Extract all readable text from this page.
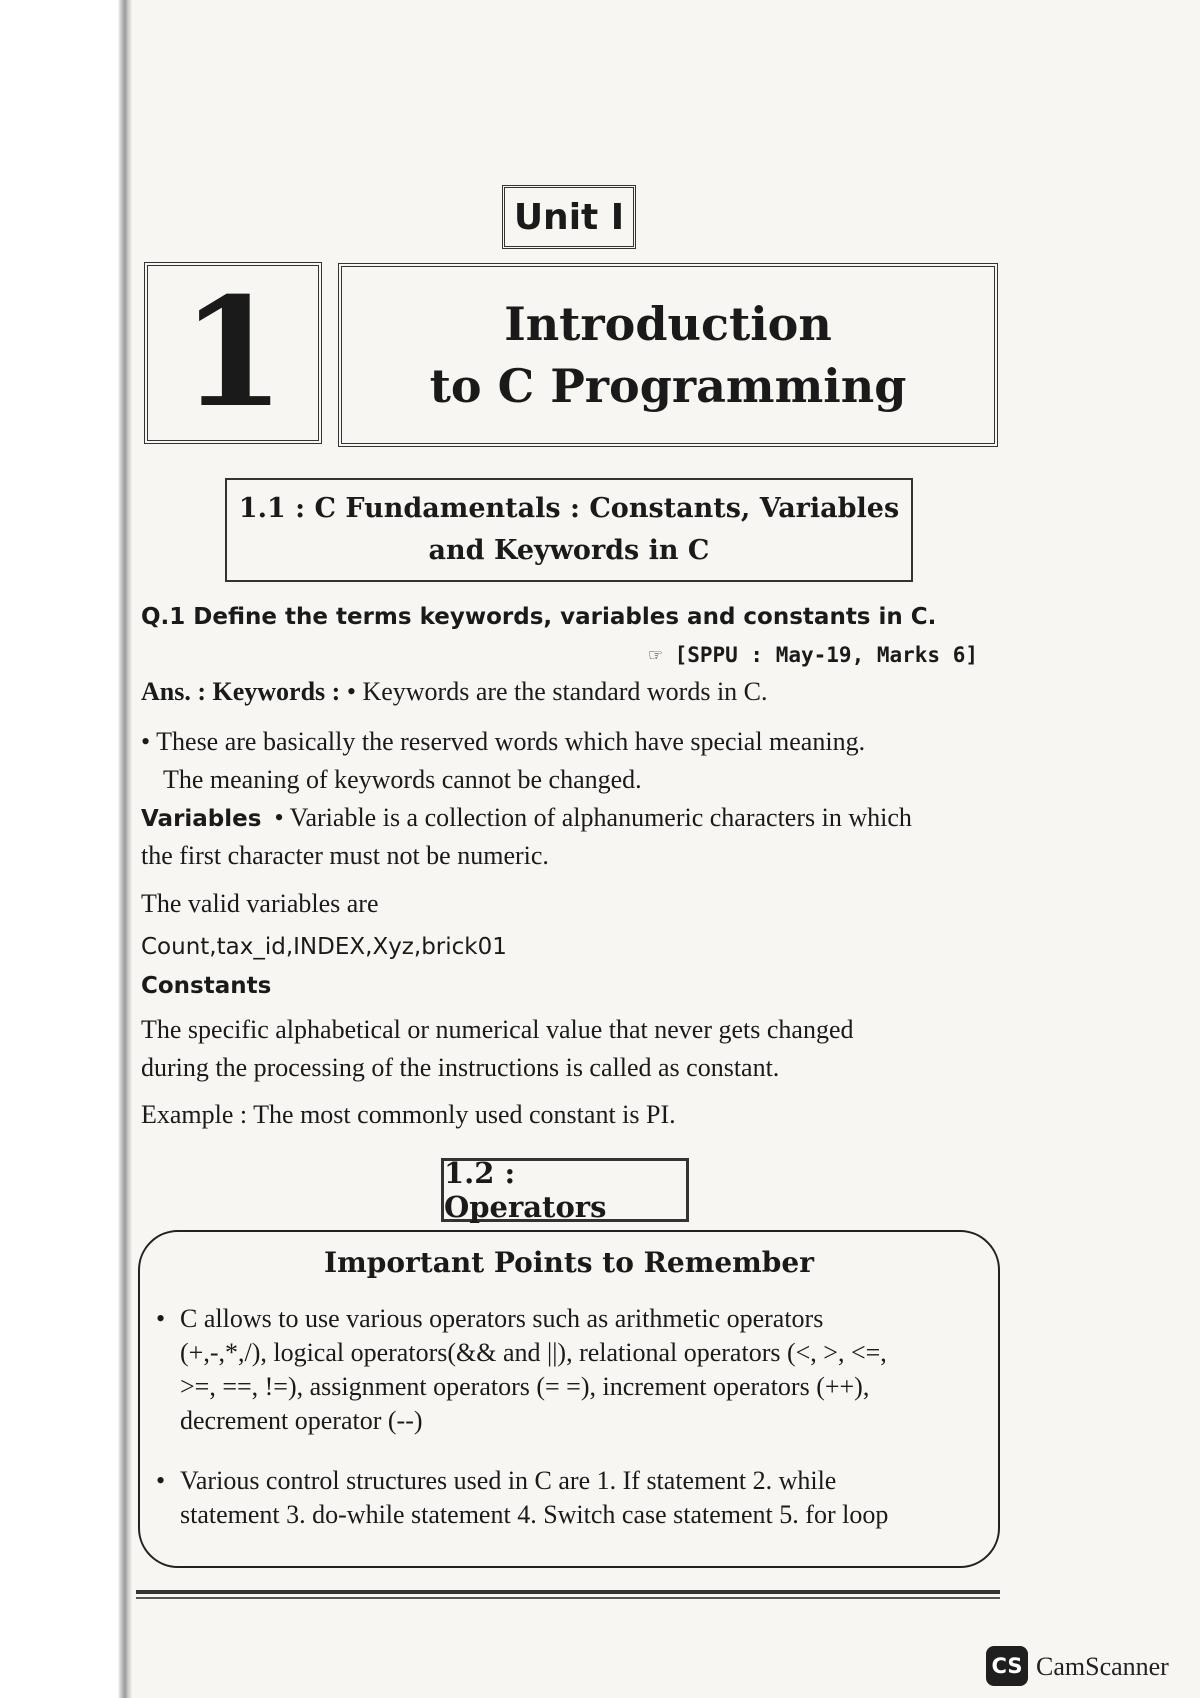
Unit I
1	Introduction
to C Programming
1.1 : C Fundamentals : Constants, Variables
and Keywords in C
Q.1 Define the terms keywords, variables and constants in C.
☞ [SPPU : May-19, Marks 6]
Ans. : Keywords : • Keywords are the standard words in C.
• These are basically the reserved words which have special meaning.
The meaning of keywords cannot be changed.
Variables • Variable is a collection of alphanumeric characters in which
the first character must not be numeric.
The valid variables are
Count,tax_id,INDEX,Xyz,brick01
Constants
The specific alphabetical or numerical value that never gets changed
during the processing of the instructions is called as constant.
Example : The most commonly used constant is PI.
1.2 : Operators
Important Points to Remember
• C allows to use various operators such as arithmetic operators
(+,-,*,/), logical operators(&& and ||), relational operators (<, >, <=,
>=, ==, !=), assignment operators (= =), increment operators (++),
decrement operator (--)
• Various control structures used in C are 1. If statement 2. while
statement 3. do-while statement 4. Switch case statement 5. for loop
CS CamScanner
